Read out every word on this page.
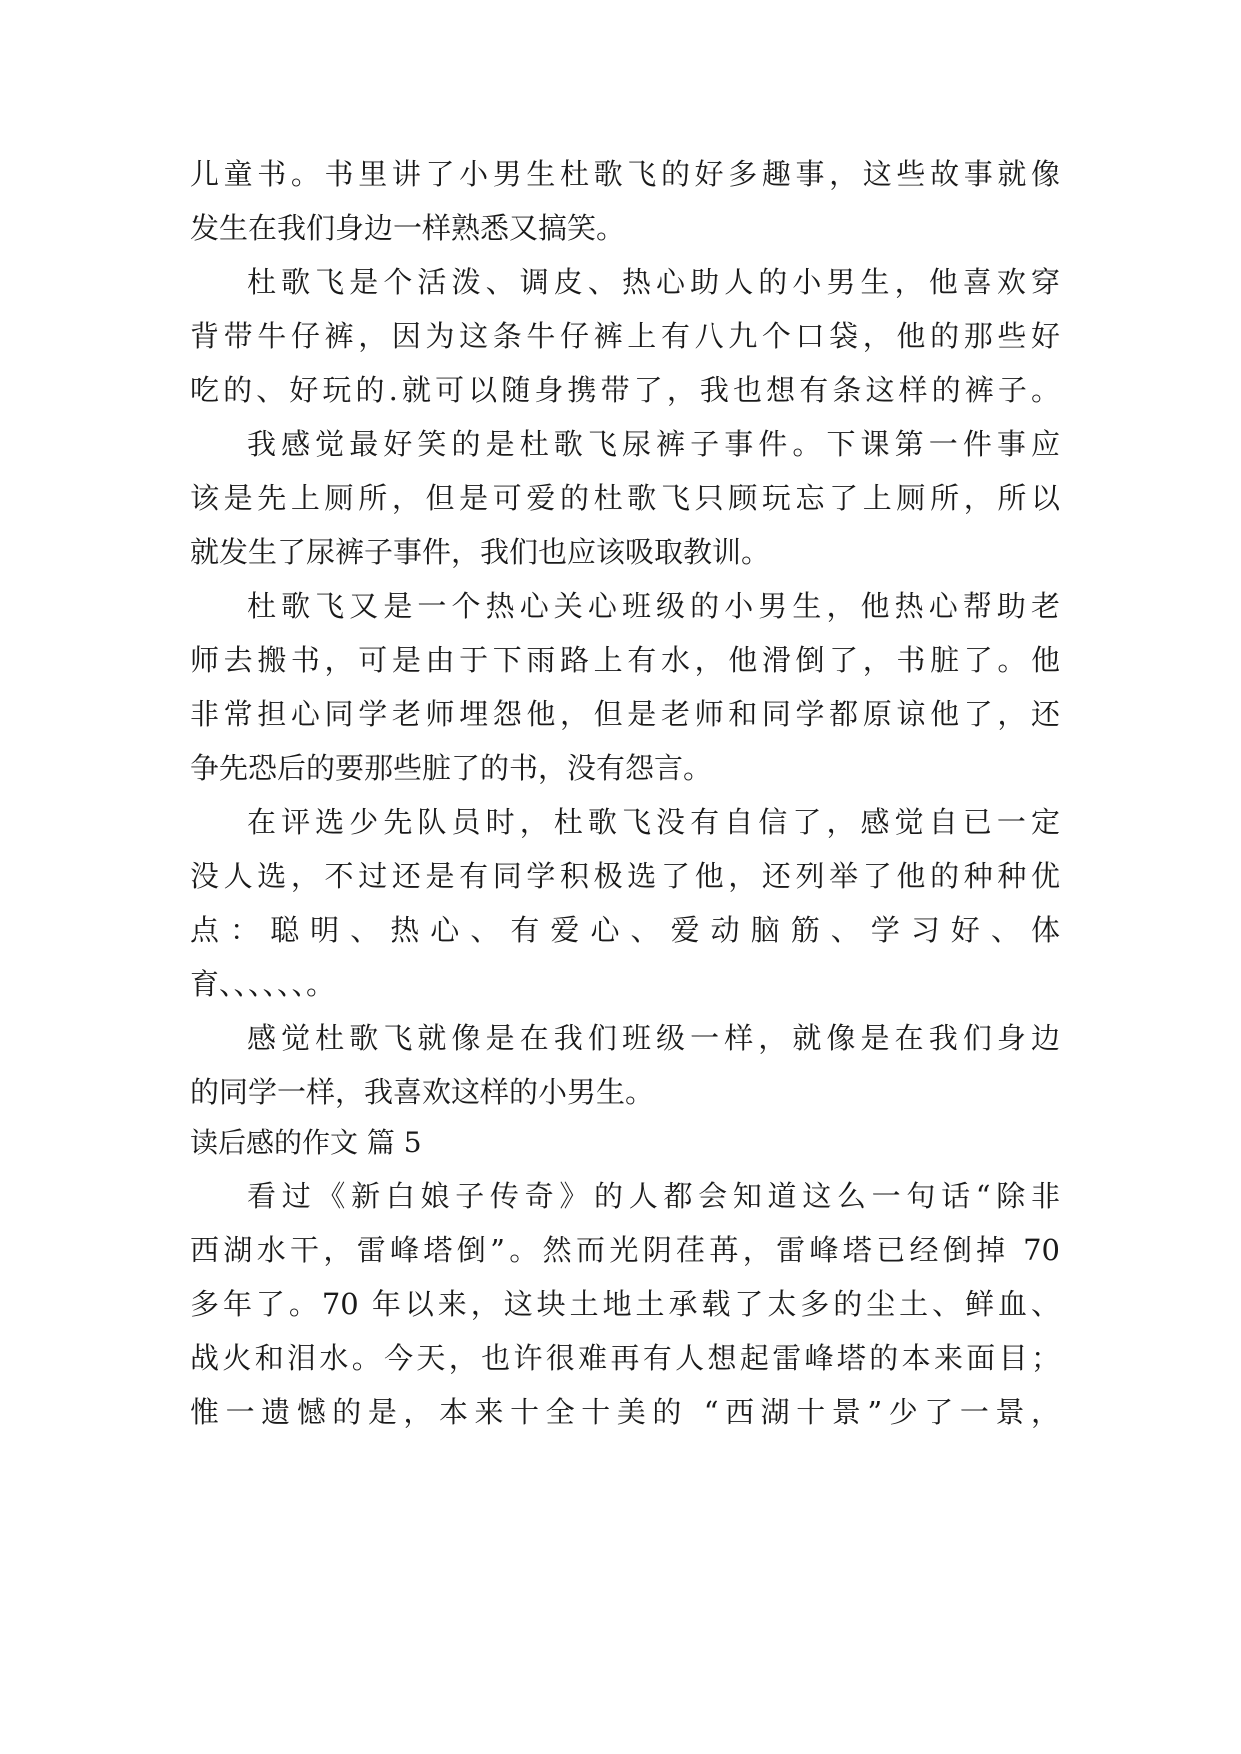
儿童书。书里讲了小男生杜歌飞的好多趣事，这些故事就像
发生在我们身边一样熟悉又搞笑。
杜歌飞是个活泼、调皮、热心助人的小男生，他喜欢穿
背带牛仔裤，因为这条牛仔裤上有八九个口袋，他的那些好
吃的、好玩的.就可以随身携带了，我也想有条这样的裤子。
我感觉最好笑的是杜歌飞尿裤子事件。下课第一件事应
该是先上厕所，但是可爱的杜歌飞只顾玩忘了上厕所，所以
就发生了尿裤子事件，我们也应该吸取教训。
杜歌飞又是一个热心关心班级的小男生，他热心帮助老
师去搬书，可是由于下雨路上有水，他滑倒了，书脏了。他
非常担心同学老师埋怨他，但是老师和同学都原谅他了，还
争先恐后的要那些脏了的书，没有怨言。
在评选少先队员时，杜歌飞没有自信了，感觉自已一定
没人选，不过还是有同学积极选了他，还列举了他的种种优
点：聪明、热心、有爱心、爱动脑筋、学习好、体
育、、、、、、。
感觉杜歌飞就像是在我们班级一样，就像是在我们身边
的同学一样，我喜欢这样的小男生。
读后感的作文 篇 5
看过《新白娘子传奇》的人都会知道这么一句话“除非
西湖水干，雷峰塔倒”。然而光阴荏苒，雷峰塔已经倒掉 70
多年了。70 年以来，这块土地土承载了太多的尘土、鲜血、
战火和泪水。今天，也许很难再有人想起雷峰塔的本来面目；
惟一遗憾的是，本来十全十美的 “西湖十景”少了一景，
